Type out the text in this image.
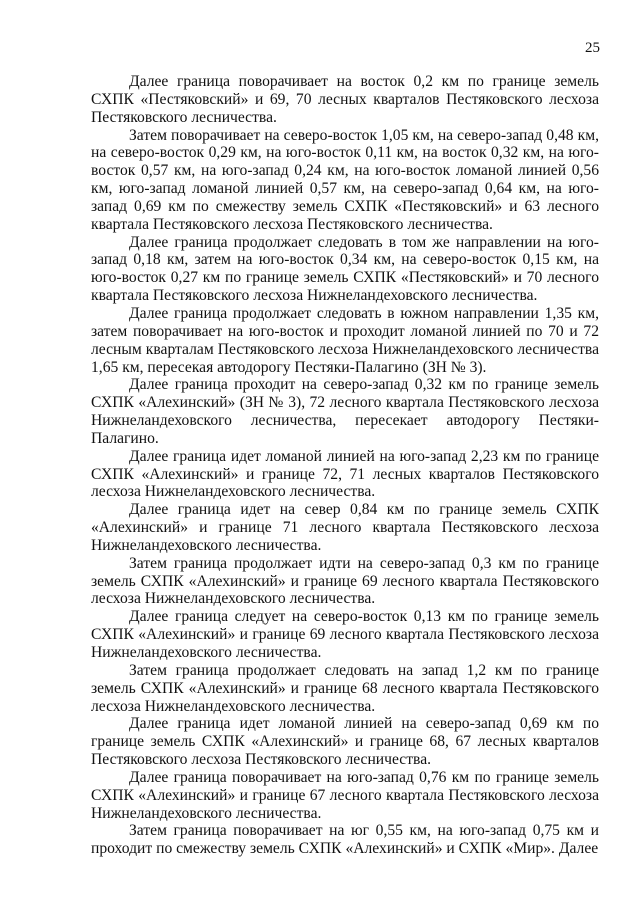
25

Далее граница поворачивает на восток 0,2 км по границе земель СХПК «Пестяковский» и 69, 70 лесных кварталов Пестяковского лесхоза Пестяковского лесничества.

Затем поворачивает на северо-восток 1,05 км, на северо-запад 0,48 км, на северо-восток 0,29 км, на юго-восток 0,11 км, на восток 0,32 км, на юго-восток 0,57 км, на юго-запад 0,24 км, на юго-восток ломаной линией 0,56 км, юго-запад ломаной линией 0,57 км, на северо-запад 0,64 км, на юго-запад 0,69 км по смежеству земель СХПК «Пестяковский» и 63 лесного квартала Пестяковского лесхоза Пестяковского лесничества.

Далее граница продолжает следовать в том же направлении на юго-запад 0,18 км, затем на юго-восток 0,34 км, на северо-восток 0,15 км, на юго-восток 0,27 км по границе земель СХПК «Пестяковский» и 70 лесного квартала Пестяковского лесхоза Нижнеландеховского лесничества.

Далее граница продолжает следовать в южном направлении 1,35 км, затем поворачивает на юго-восток и проходит ломаной линией по 70 и 72 лесным кварталам Пестяковского лесхоза Нижнеландеховского лесничества 1,65 км, пересекая автодорогу Пестяки-Палагино (ЗН № 3).

Далее граница проходит на северо-запад 0,32 км по границе земель СХПК «Алехинский» (ЗН № 3), 72 лесного квартала Пестяковского лесхоза Нижнеландеховского лесничества, пересекает автодорогу Пестяки-Палагино.

Далее граница идет ломаной линией на юго-запад 2,23 км по границе СХПК «Алехинский» и границе 72, 71 лесных кварталов Пестяковского лесхоза Нижнеландеховского лесничества.

Далее граница идет на север 0,84 км по границе земель СХПК «Алехинский» и границе 71 лесного квартала Пестяковского лесхоза Нижнеландеховского лесничества.

Затем граница продолжает идти на северо-запад 0,3 км по границе земель СХПК «Алехинский» и границе 69 лесного квартала Пестяковского лесхоза Нижнеландеховского лесничества.

Далее граница следует на северо-восток 0,13 км по границе земель СХПК «Алехинский» и границе 69 лесного квартала Пестяковского лесхоза Нижнеландеховского лесничества.

Затем граница продолжает следовать на запад 1,2 км по границе земель СХПК «Алехинский» и границе 68 лесного квартала Пестяковского лесхоза Нижнеландеховского лесничества.

Далее граница идет ломаной линией на северо-запад 0,69 км по границе земель СХПК «Алехинский» и границе 68, 67 лесных кварталов Пестяковского лесхоза Пестяковского лесничества.

Далее граница поворачивает на юго-запад 0,76 км по границе земель СХПК «Алехинский» и границе 67 лесного квартала Пестяковского лесхоза Нижнеландеховского лесничества.

Затем граница поворачивает на юг 0,55 км, на юго-запад 0,75 км и проходит по смежеству земель СХПК «Алехинский» и СХПК «Мир». Далее
